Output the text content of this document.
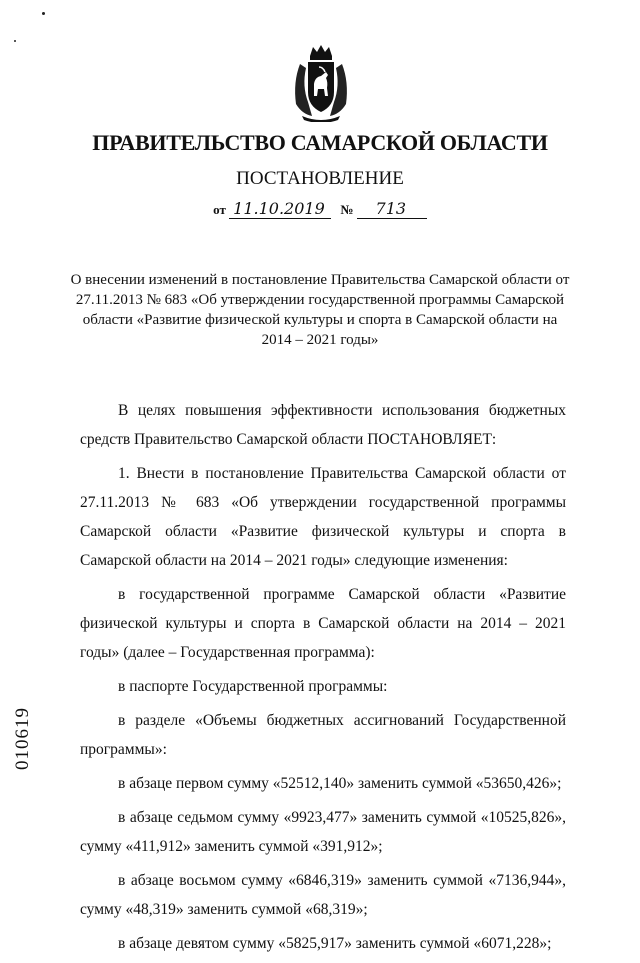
ПРАВИТЕЛЬСТВО САМАРСКОЙ ОБЛАСТИ
ПОСТАНОВЛЕНИЕ
от 11.10.2019 № 713
О внесении изменений в постановление Правительства Самарской области от 27.11.2013 № 683 «Об утверждении государственной программы Самарской области «Развитие физической культуры и спорта в Самарской области на 2014 – 2021 годы»

В целях повышения эффективности использования бюджетных средств Правительство Самарской области ПОСТАНОВЛЯЕТ:

1. Внести в постановление Правительства Самарской области от 27.11.2013 № 683 «Об утверждении государственной программы Самарской области «Развитие физической культуры и спорта в Самарской области на 2014 – 2021 годы» следующие изменения:

в государственной программе Самарской области «Развитие физической культуры и спорта в Самарской области на 2014 – 2021 годы» (далее – Государственная программа):

в паспорте Государственной программы:

в разделе «Объемы бюджетных ассигнований Государственной программы»:

в абзаце первом сумму «52512,140» заменить суммой «53650,426»;

в абзаце седьмом сумму «9923,477» заменить суммой «10525,826», сумму «411,912» заменить суммой «391,912»;

в абзаце восьмом сумму «6846,319» заменить суммой «7136,944», сумму «48,319» заменить суммой «68,319»;

в абзаце девятом сумму «5825,917» заменить суммой «6071,228»;

010619
